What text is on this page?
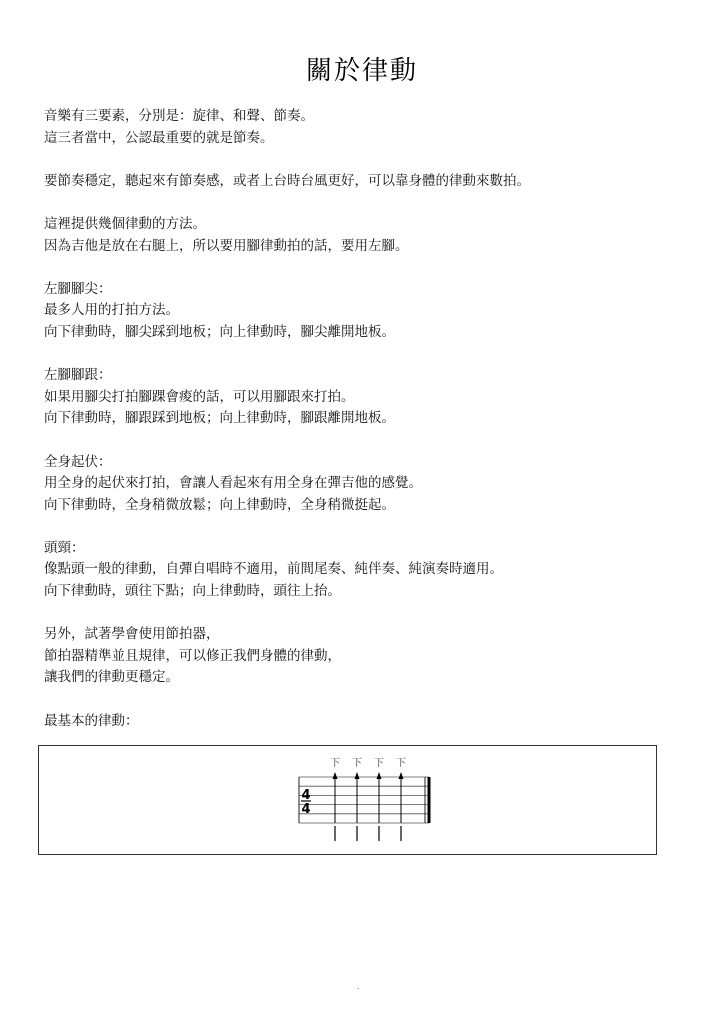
關於律動
音樂有三要素，分別是：旋律、和聲、節奏。
這三者當中，公認最重要的就是節奏。
要節奏穩定，聽起來有節奏感，或者上台時台風更好，可以靠身體的律動來數拍。
這裡提供幾個律動的方法。
因為吉他是放在右腿上，所以要用腳律動拍的話，要用左腳。
左腳腳尖：
最多人用的打拍方法。
向下律動時，腳尖踩到地板；向上律動時，腳尖離開地板。
左腳腳跟：
如果用腳尖打拍腳踝會痠的話，可以用腳跟來打拍。
向下律動時，腳跟踩到地板；向上律動時，腳跟離開地板。
全身起伏：
用全身的起伏來打拍，會讓人看起來有用全身在彈吉他的感覺。
向下律動時，全身稍微放鬆；向上律動時，全身稍微挺起。
頭頸：
像點頭一般的律動，自彈自唱時不適用，前間尾奏、純伴奏、純演奏時適用。
向下律動時，頭往下點；向上律動時，頭往上抬。
另外，試著學會使用節拍器，
節拍器精準並且規律，可以修正我們身體的律動，
讓我們的律動更穩定。
最基本的律動：
4
4
下 下 下 下
.
